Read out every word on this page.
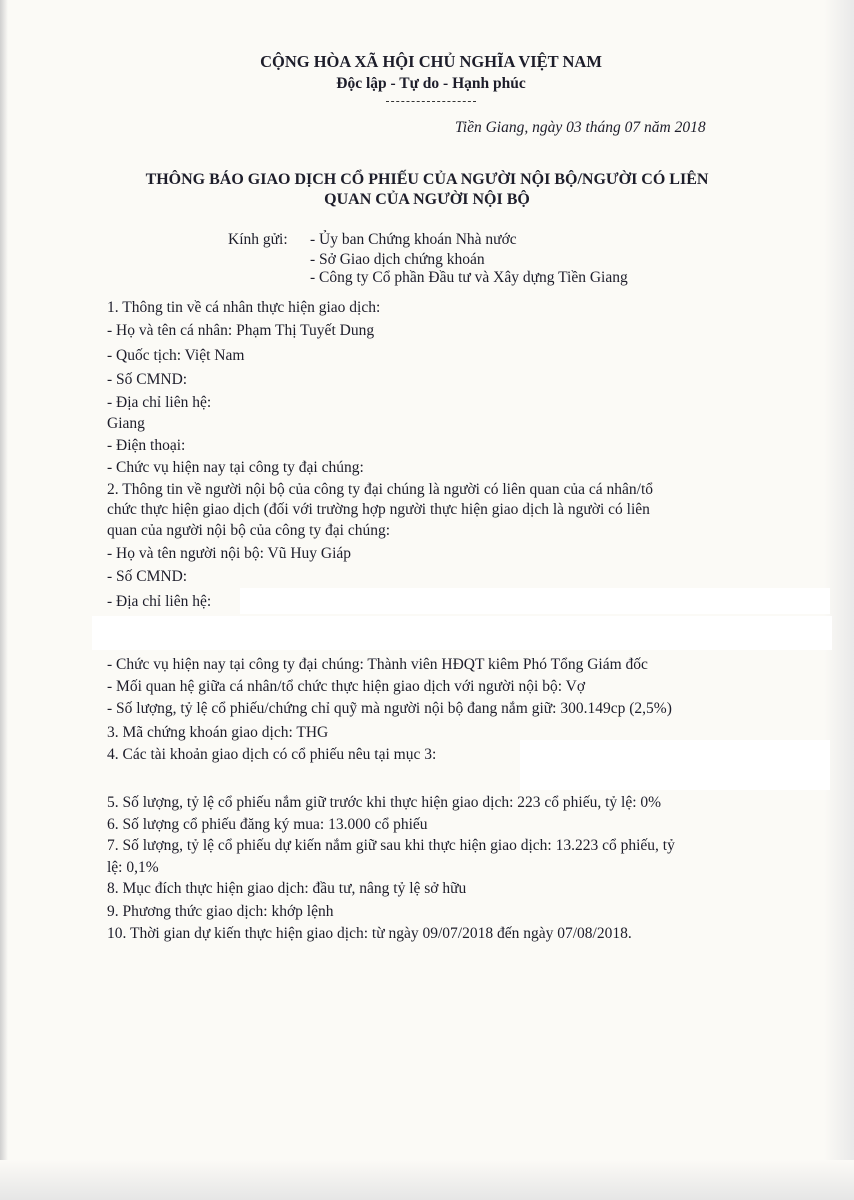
CỘNG HÒA XÃ HỘI CHỦ NGHĨA VIỆT NAM
Độc lập - Tự do - Hạnh phúc
Tiền Giang, ngày 03 tháng 07 năm 2018
THÔNG BÁO GIAO DỊCH CỔ PHIẾU CỦA NGƯỜI NỘI BỘ/NGƯỜI CÓ LIÊN
QUAN CỦA NGƯỜI NỘI BỘ
Kính gửi: - Ủy ban Chứng khoán Nhà nước
- Sở Giao dịch chứng khoán
- Công ty Cổ phần Đầu tư và Xây dựng Tiền Giang
1. Thông tin về cá nhân thực hiện giao dịch:
- Họ và tên cá nhân: Phạm Thị Tuyết Dung
- Quốc tịch: Việt Nam
- Số CMND:
- Địa chỉ liên hệ:
Giang
- Điện thoại:
- Chức vụ hiện nay tại công ty đại chúng:
2. Thông tin về người nội bộ của công ty đại chúng là người có liên quan của cá nhân/tổ
chức thực hiện giao dịch (đối với trường hợp người thực hiện giao dịch là người có liên
quan của người nội bộ của công ty đại chúng:
- Họ và tên người nội bộ: Vũ Huy Giáp
- Số CMND:
- Địa chỉ liên hệ:
- Chức vụ hiện nay tại công ty đại chúng: Thành viên HĐQT kiêm Phó Tổng Giám đốc
- Mối quan hệ giữa cá nhân/tổ chức thực hiện giao dịch với người nội bộ: Vợ
- Số lượng, tỷ lệ cổ phiếu/chứng chỉ quỹ mà người nội bộ đang nắm giữ: 300.149cp (2,5%)
3. Mã chứng khoán giao dịch: THG
4. Các tài khoản giao dịch có cổ phiếu nêu tại mục 3:
5. Số lượng, tỷ lệ cổ phiếu nắm giữ trước khi thực hiện giao dịch: 223 cổ phiếu, tỷ lệ: 0%
6. Số lượng cổ phiếu đăng ký mua: 13.000 cổ phiếu
7. Số lượng, tỷ lệ cổ phiếu dự kiến nắm giữ sau khi thực hiện giao dịch: 13.223 cổ phiếu, tỷ
lệ: 0,1%
8. Mục đích thực hiện giao dịch: đầu tư, nâng tỷ lệ sở hữu
9. Phương thức giao dịch: khớp lệnh
10. Thời gian dự kiến thực hiện giao dịch: từ ngày 09/07/2018 đến ngày 07/08/2018.
